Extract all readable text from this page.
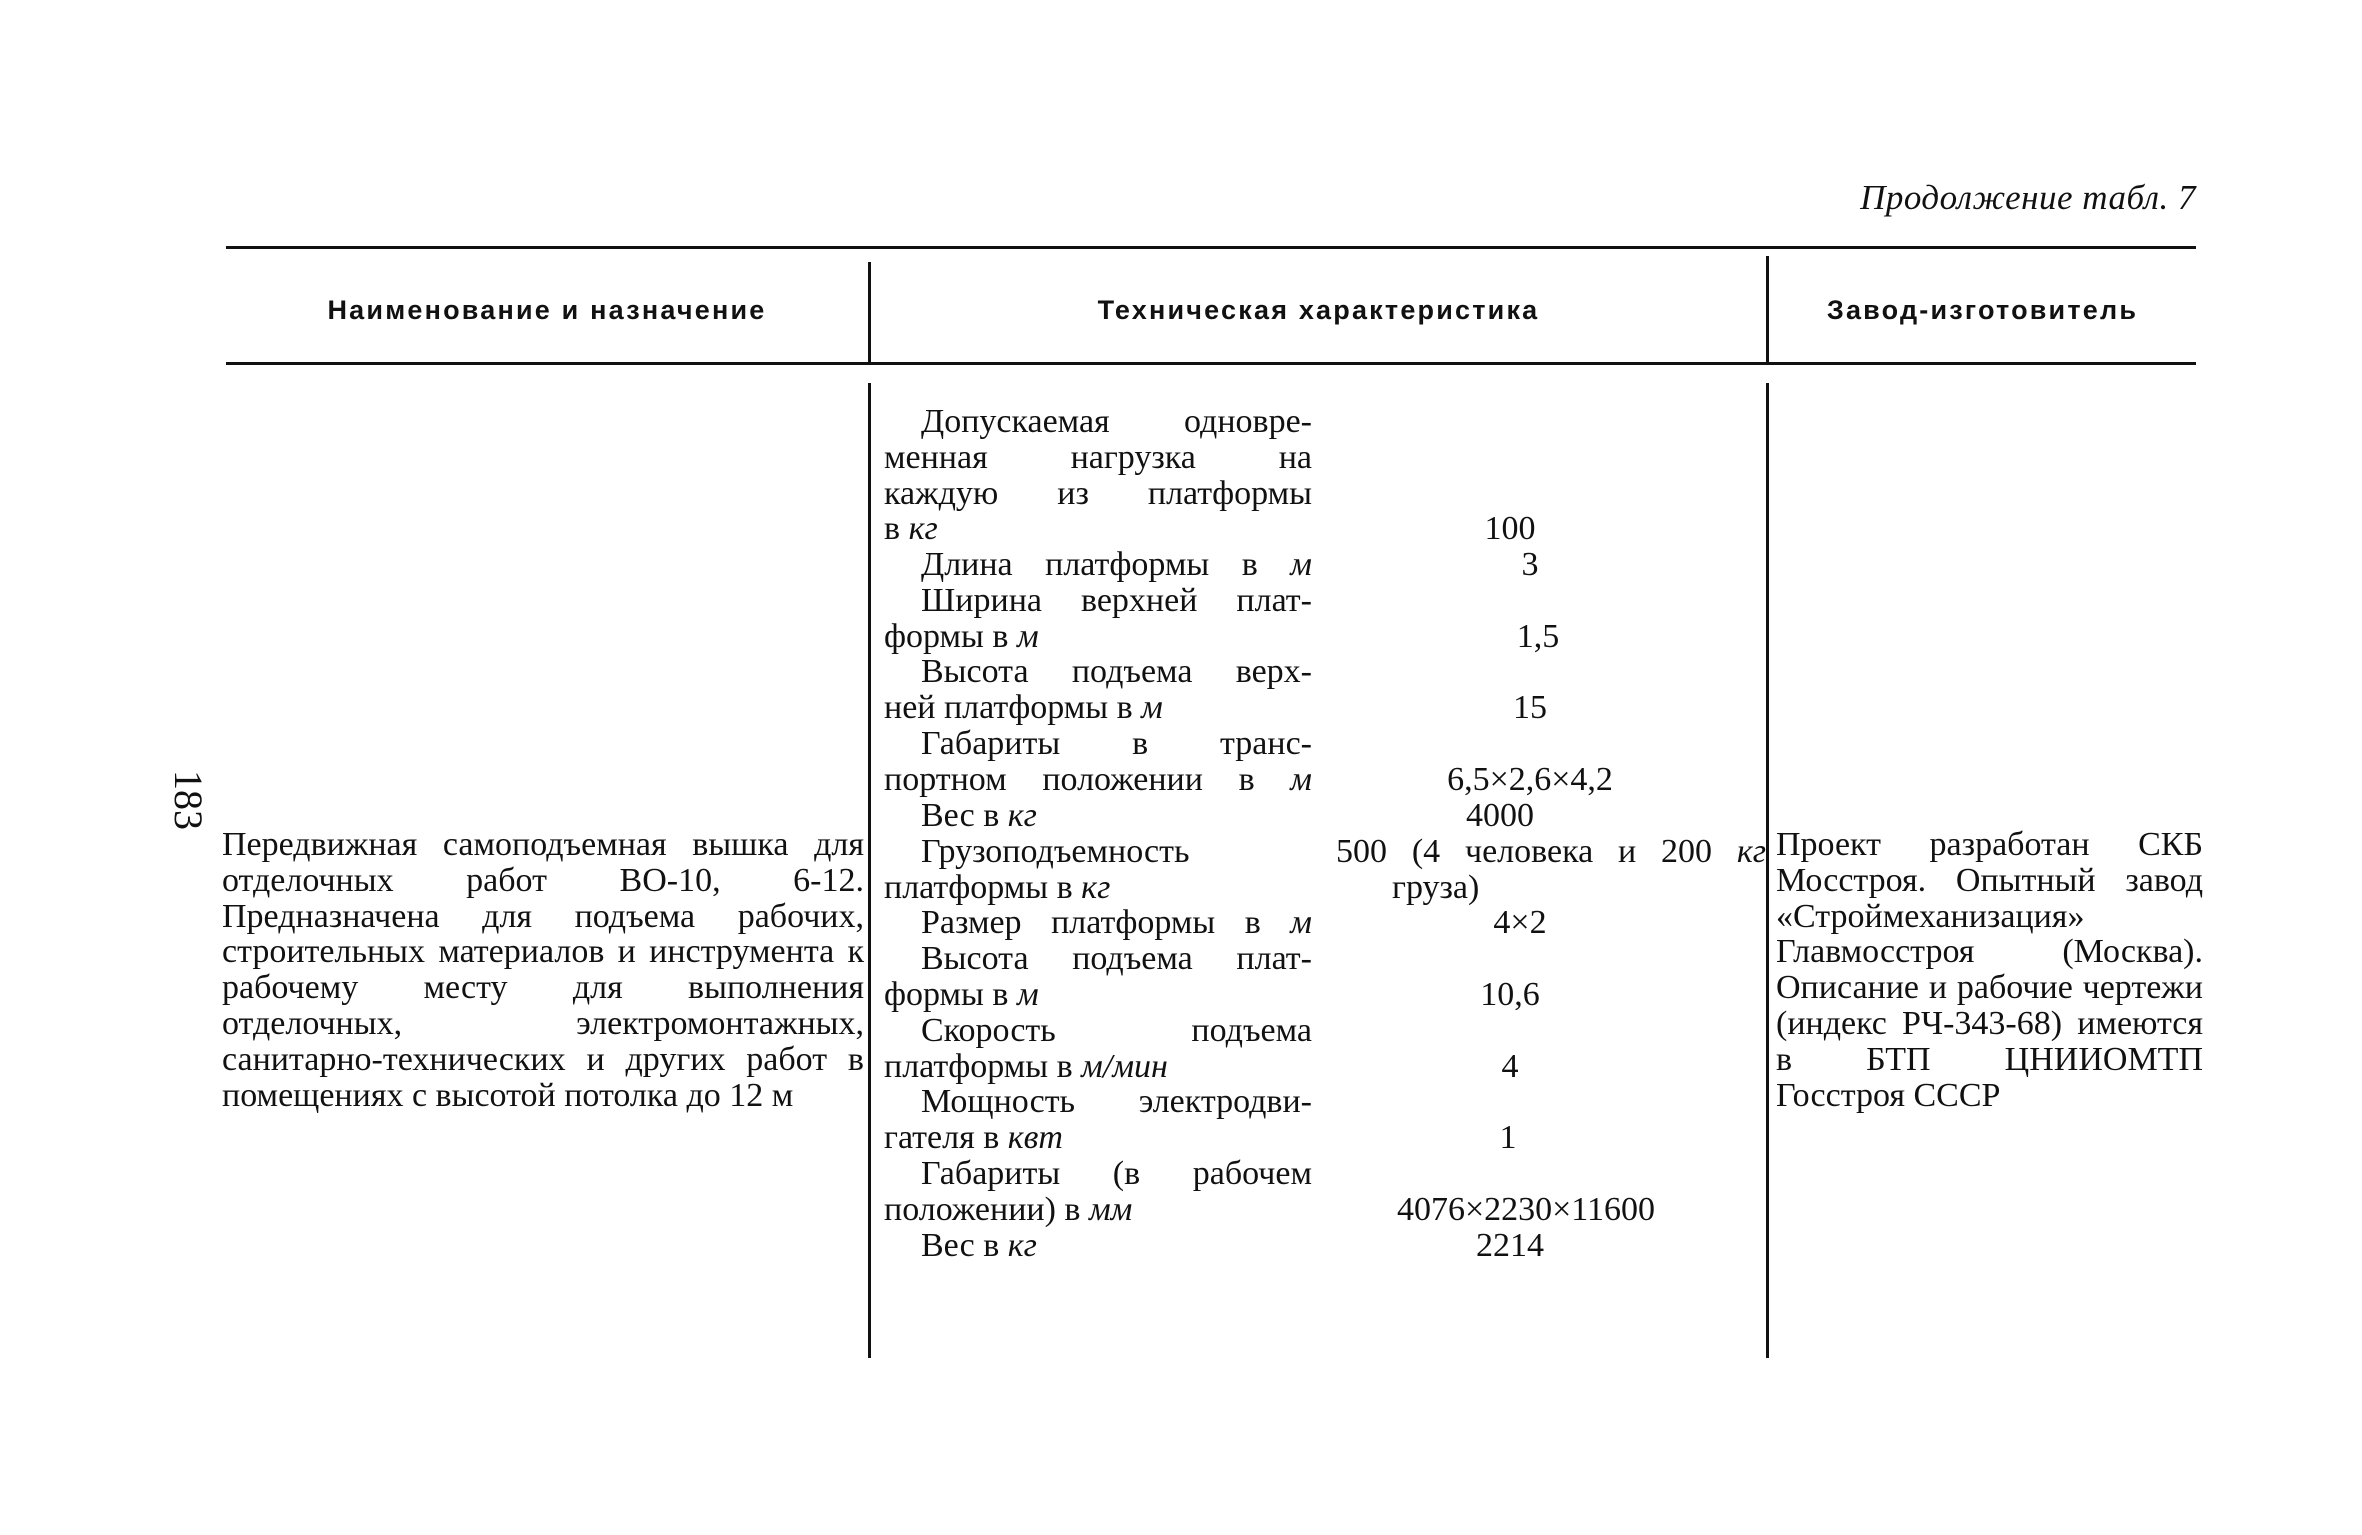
Продолжение табл. 7
Наименование и назначение	Техническая характеристика	Завод-изготовитель
183
Передвижная самоподъемная вышка для отделочных работ ВО-10, 6-12. Предназначена для подъема рабочих, строительных материалов и инструмента к рабочему месту для выполнения отделочных, электромонтажных, санитарно-технических и других работ в помещениях с высотой потолка до 12 м
Проект разработан СКБ Мосстроя. Опытный завод «Строймеханизация» Главмосстроя (Москва). Описание и рабочие чертежи (индекс РЧ-343-68) имеются в БТП ЦНИИОМТП Госстроя СССР
Допускаемая одновре-
менная нагрузка на
каждую из платформы
в кг
Длина платформы в м
Ширина верхней плат-
формы в м
Высота подъема верх-
ней платформы в м
Габариты в транс-
портном положении в м
Вес в кг
Грузоподъемность
платформы в кг
Размер платформы в м
Высота подъема плат-
формы в м
Скорость подъема
платформы в м/мин
Мощность электродви-
гателя в квт
Габариты (в рабочем
положении) в мм
Вес в кг
100
3
1,5
15
6,5×2,6×4,2
4000
500 (4 человека и 200 кг
груза)
4×2
10,6
4
1
4076×2230×11600
2214
